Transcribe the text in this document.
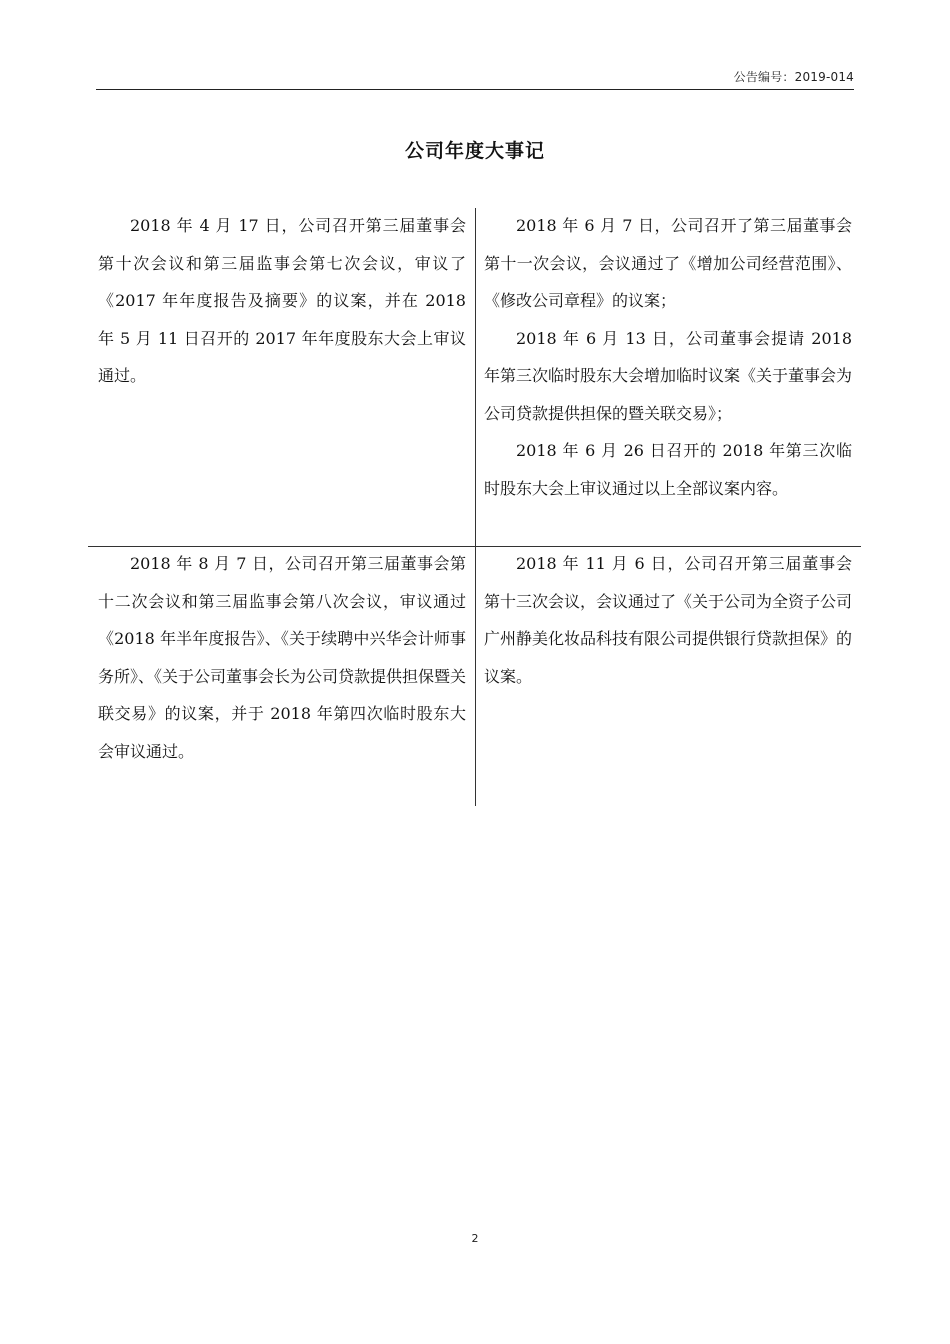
公告编号：2019-014
公司年度大事记

2018 年 4 月 17 日，公司召开第三届董事会第十次会议和第三届监事会第七次会议，审议了《2017 年年度报告及摘要》的议案，并在 2018 年 5 月 11 日召开的 2017 年年度股东大会上审议通过。

2018 年 6 月 7 日，公司召开了第三届董事会第十一次会议，会议通过了《增加公司经营范围》、《修改公司章程》的议案；

2018 年 6 月 13 日，公司董事会提请 2018 年第三次临时股东大会增加临时议案《关于董事会为公司贷款提供担保的暨关联交易》；

2018 年 6 月 26 日召开的 2018 年第三次临时股东大会上审议通过以上全部议案内容。

2018 年 8 月 7 日，公司召开第三届董事会第十二次会议和第三届监事会第八次会议，审议通过《2018 年半年度报告》、《关于续聘中兴华会计师事务所》、《关于公司董事会长为公司贷款提供担保暨关联交易》的议案，并于 2018 年第四次临时股东大会审议通过。

2018 年 11 月 6 日，公司召开第三届董事会第十三次会议，会议通过了《关于公司为全资子公司广州静美化妆品科技有限公司提供银行贷款担保》的议案。

2
